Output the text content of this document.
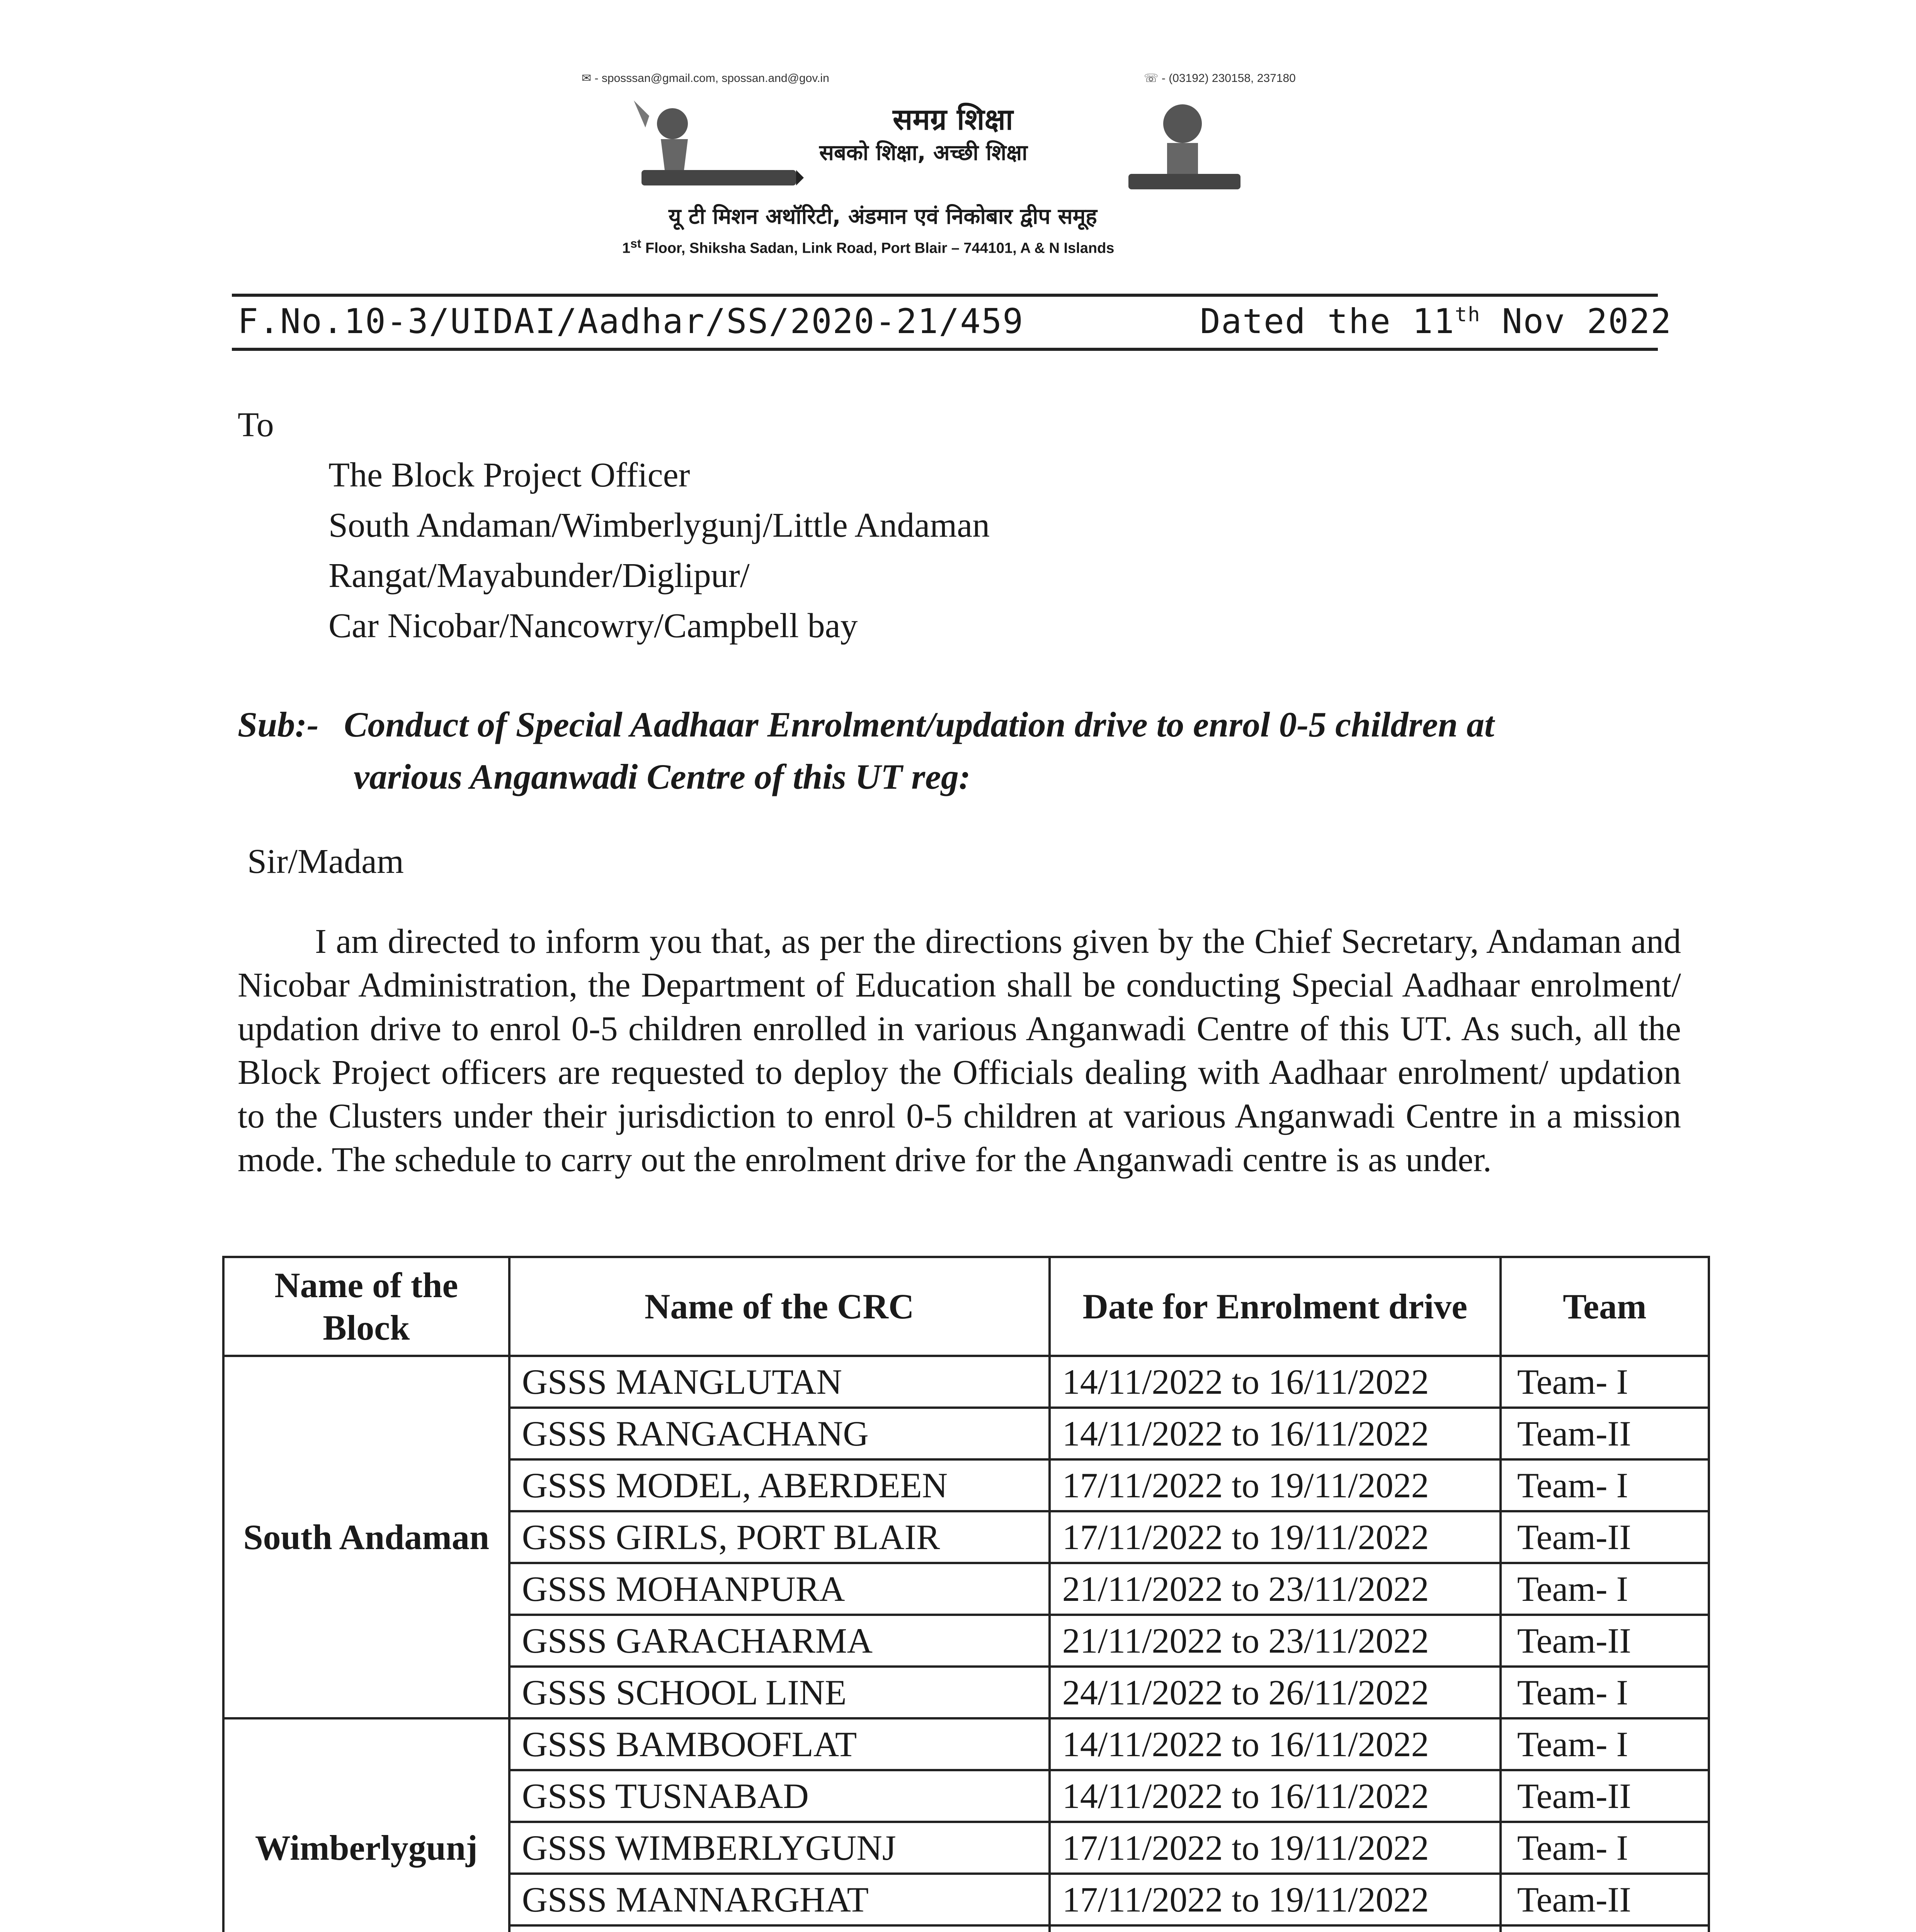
✉ - sposssan@gmail.com, spossan.and@gov.in	☏ - (03192) 230158, 237180
समग्र शिक्षा
सबको शिक्षा, अच्छी शिक्षा
यू टी मिशन अथॉरिटी, अंडमान एवं निकोबार द्वीप समूह
1st Floor, Shiksha Sadan, Link Road, Port Blair – 744101, A & N Islands
F.No.10-3/UIDAI/Aadhar/SS/2020-21/459	Dated the 11th Nov 2022
To
The Block Project Officer
South Andaman/Wimberlygunj/Little Andaman
Rangat/Mayabunder/Diglipur/
Car Nicobar/Nancowry/Campbell bay
Sub:- Conduct of Special Aadhaar Enrolment/updation drive to enrol 0-5 children at
various Anganwadi Centre of this UT reg:
Sir/Madam
I am directed to inform you that, as per the directions given by the Chief Secretary, Andaman and Nicobar Administration, the Department of Education shall be conducting Special Aadhaar enrolment/ updation drive to enrol 0-5 children enrolled in various Anganwadi Centre of this UT. As such, all the Block Project officers are requested to deploy the Officials dealing with Aadhaar enrolment/ updation to the Clusters under their jurisdiction to enrol 0-5 children at various Anganwadi Centre in a mission mode. The schedule to carry out the enrolment drive for the Anganwadi centre is as under.
Name of the Block	Name of the CRC	Date for Enrolment drive	Team
South Andaman	GSSS MANGLUTAN	14/11/2022 to 16/11/2022	Team- I
	GSSS RANGACHANG	14/11/2022 to 16/11/2022	Team-II
	GSSS MODEL, ABERDEEN	17/11/2022 to 19/11/2022	Team- I
	GSSS GIRLS, PORT BLAIR	17/11/2022 to 19/11/2022	Team-II
	GSSS MOHANPURA	21/11/2022 to 23/11/2022	Team- I
	GSSS GARACHARMA	21/11/2022 to 23/11/2022	Team-II
	GSSS SCHOOL LINE	24/11/2022 to 26/11/2022	Team- I
Wimberlygunj	GSSS BAMBOOFLAT	14/11/2022 to 16/11/2022	Team- I
	GSSS TUSNABAD	14/11/2022 to 16/11/2022	Team-II
	GSSS WIMBERLYGUNJ	17/11/2022 to 19/11/2022	Team- I
	GSSS MANNARGHAT	17/11/2022 to 19/11/2022	Team-II
